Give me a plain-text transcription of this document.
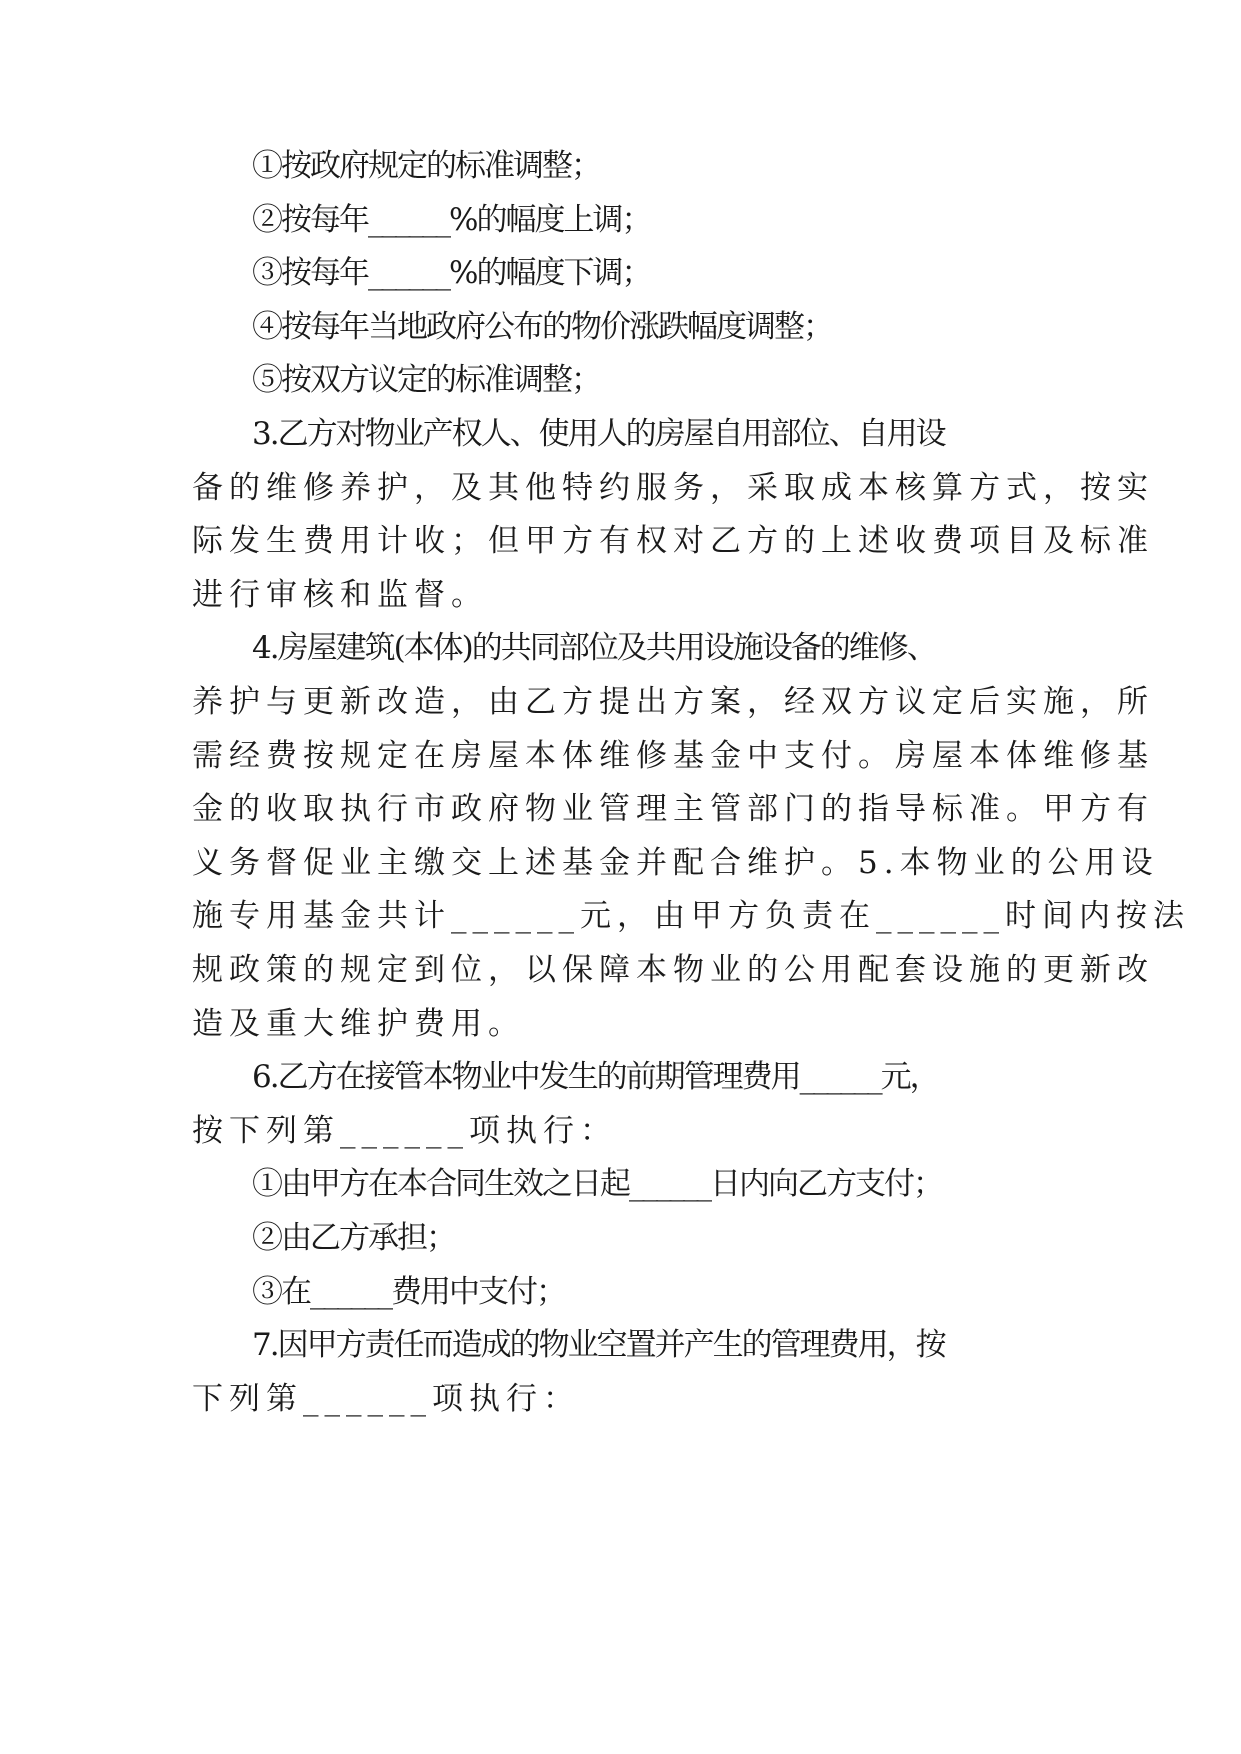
①按政府规定的标准调整；
②按每年______%的幅度上调；
③按每年______%的幅度下调；
④按每年当地政府公布的物价涨跌幅度调整；
⑤按双方议定的标准调整；
3.乙方对物业产权人、使用人的房屋自用部位、自用设
备的维修养护，及其他特约服务，采取成本核算方式，按实
际发生费用计收；但甲方有权对乙方的上述收费项目及标准
进行审核和监督。
4.房屋建筑(本体)的共同部位及共用设施设备的维修、
养护与更新改造，由乙方提出方案，经双方议定后实施，所
需经费按规定在房屋本体维修基金中支付。房屋本体维修基
金的收取执行市政府物业管理主管部门的指导标准。甲方有
义务督促业主缴交上述基金并配合维护。5.本物业的公用设
施专用基金共计______元，由甲方负责在______时间内按法
规政策的规定到位，以保障本物业的公用配套设施的更新改
造及重大维护费用。
6.乙方在接管本物业中发生的前期管理费用______元，
按下列第______项执行：
①由甲方在本合同生效之日起______日内向乙方支付；
②由乙方承担；
③在______费用中支付；
7.因甲方责任而造成的物业空置并产生的管理费用，按
下列第______项执行：
